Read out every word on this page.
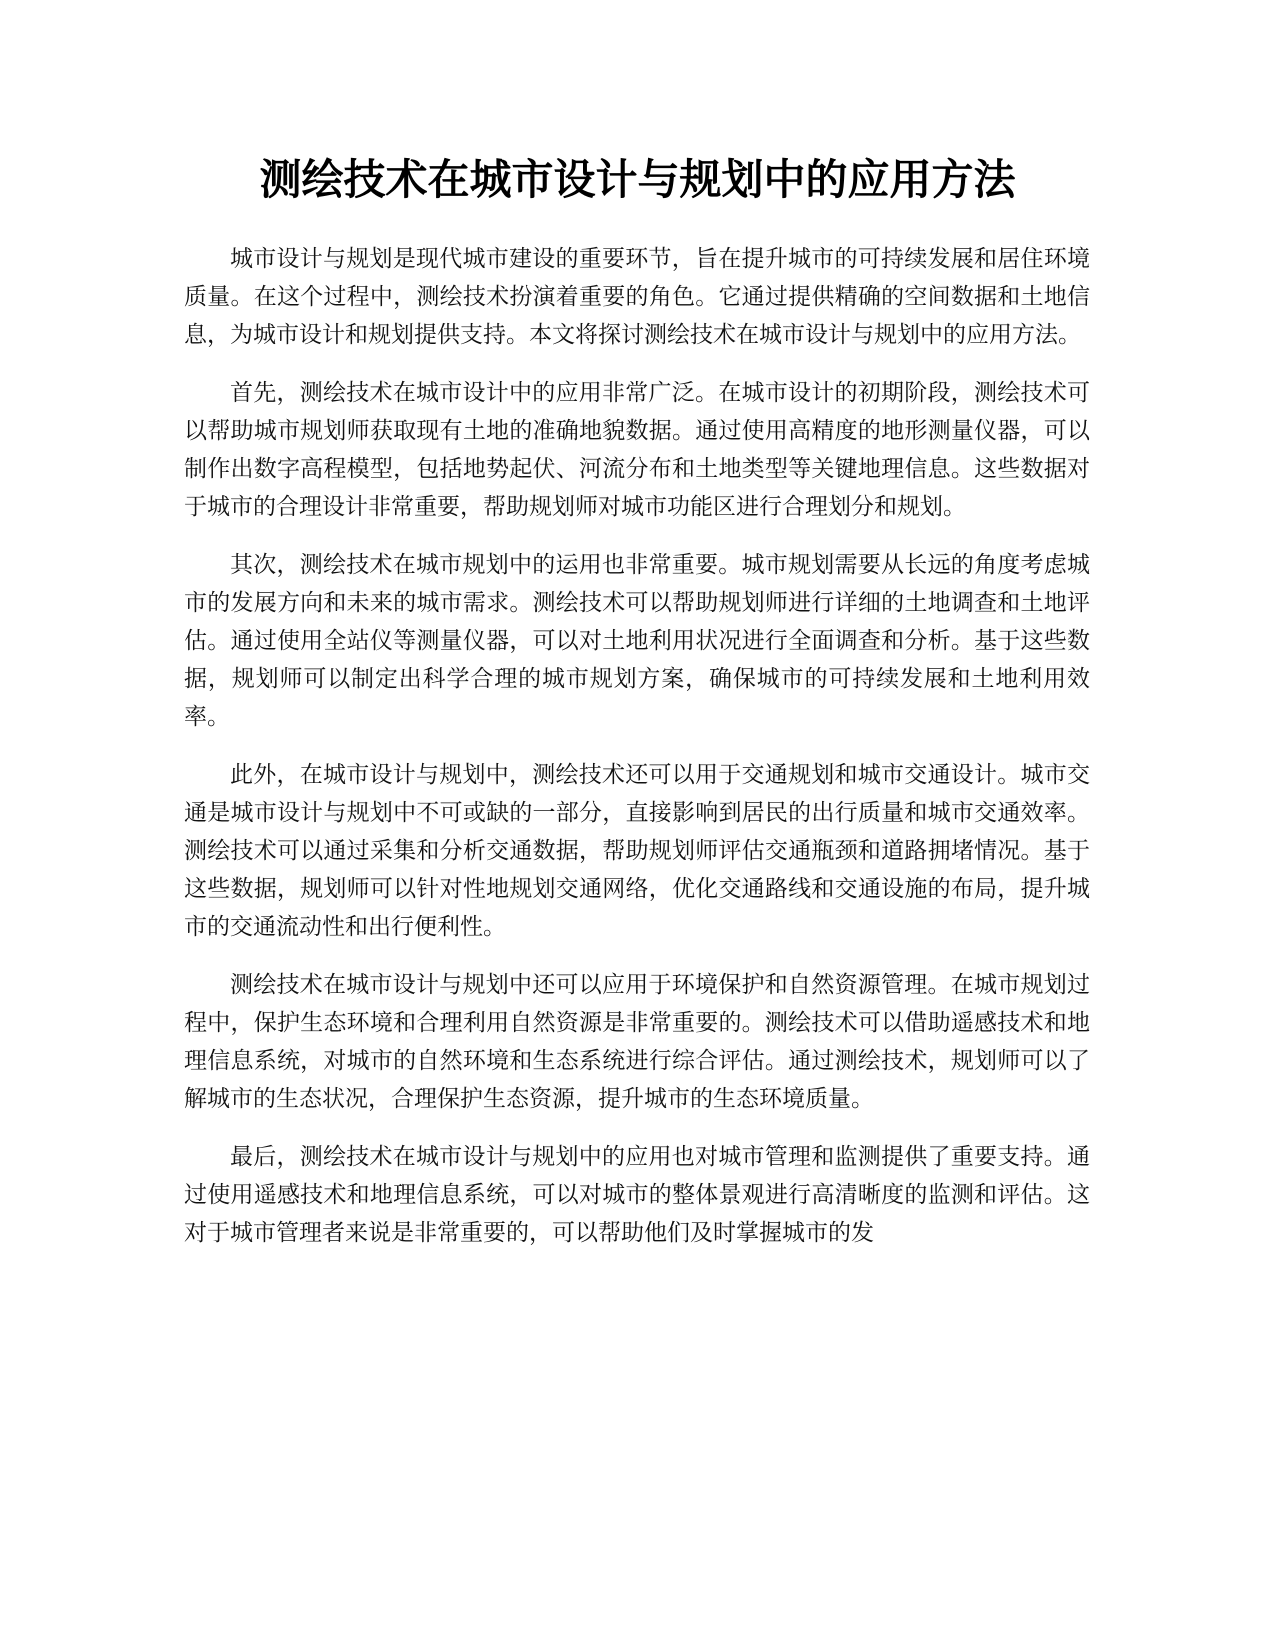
测绘技术在城市设计与规划中的应用方法

城市设计与规划是现代城市建设的重要环节，旨在提升城市的可持续发展和居住环境质量。在这个过程中，测绘技术扮演着重要的角色。它通过提供精确的空间数据和土地信息，为城市设计和规划提供支持。本文将探讨测绘技术在城市设计与规划中的应用方法。

首先，测绘技术在城市设计中的应用非常广泛。在城市设计的初期阶段，测绘技术可以帮助城市规划师获取现有土地的准确地貌数据。通过使用高精度的地形测量仪器，可以制作出数字高程模型，包括地势起伏、河流分布和土地类型等关键地理信息。这些数据对于城市的合理设计非常重要，帮助规划师对城市功能区进行合理划分和规划。

其次，测绘技术在城市规划中的运用也非常重要。城市规划需要从长远的角度考虑城市的发展方向和未来的城市需求。测绘技术可以帮助规划师进行详细的土地调查和土地评估。通过使用全站仪等测量仪器，可以对土地利用状况进行全面调查和分析。基于这些数据，规划师可以制定出科学合理的城市规划方案，确保城市的可持续发展和土地利用效率。

此外，在城市设计与规划中，测绘技术还可以用于交通规划和城市交通设计。城市交通是城市设计与规划中不可或缺的一部分，直接影响到居民的出行质量和城市交通效率。测绘技术可以通过采集和分析交通数据，帮助规划师评估交通瓶颈和道路拥堵情况。基于这些数据，规划师可以针对性地规划交通网络，优化交通路线和交通设施的布局，提升城市的交通流动性和出行便利性。

测绘技术在城市设计与规划中还可以应用于环境保护和自然资源管理。在城市规划过程中，保护生态环境和合理利用自然资源是非常重要的。测绘技术可以借助遥感技术和地理信息系统，对城市的自然环境和生态系统进行综合评估。通过测绘技术，规划师可以了解城市的生态状况，合理保护生态资源，提升城市的生态环境质量。

最后，测绘技术在城市设计与规划中的应用也对城市管理和监测提供了重要支持。通过使用遥感技术和地理信息系统，可以对城市的整体景观进行高清晰度的监测和评估。这对于城市管理者来说是非常重要的，可以帮助他们及时掌握城市的发
